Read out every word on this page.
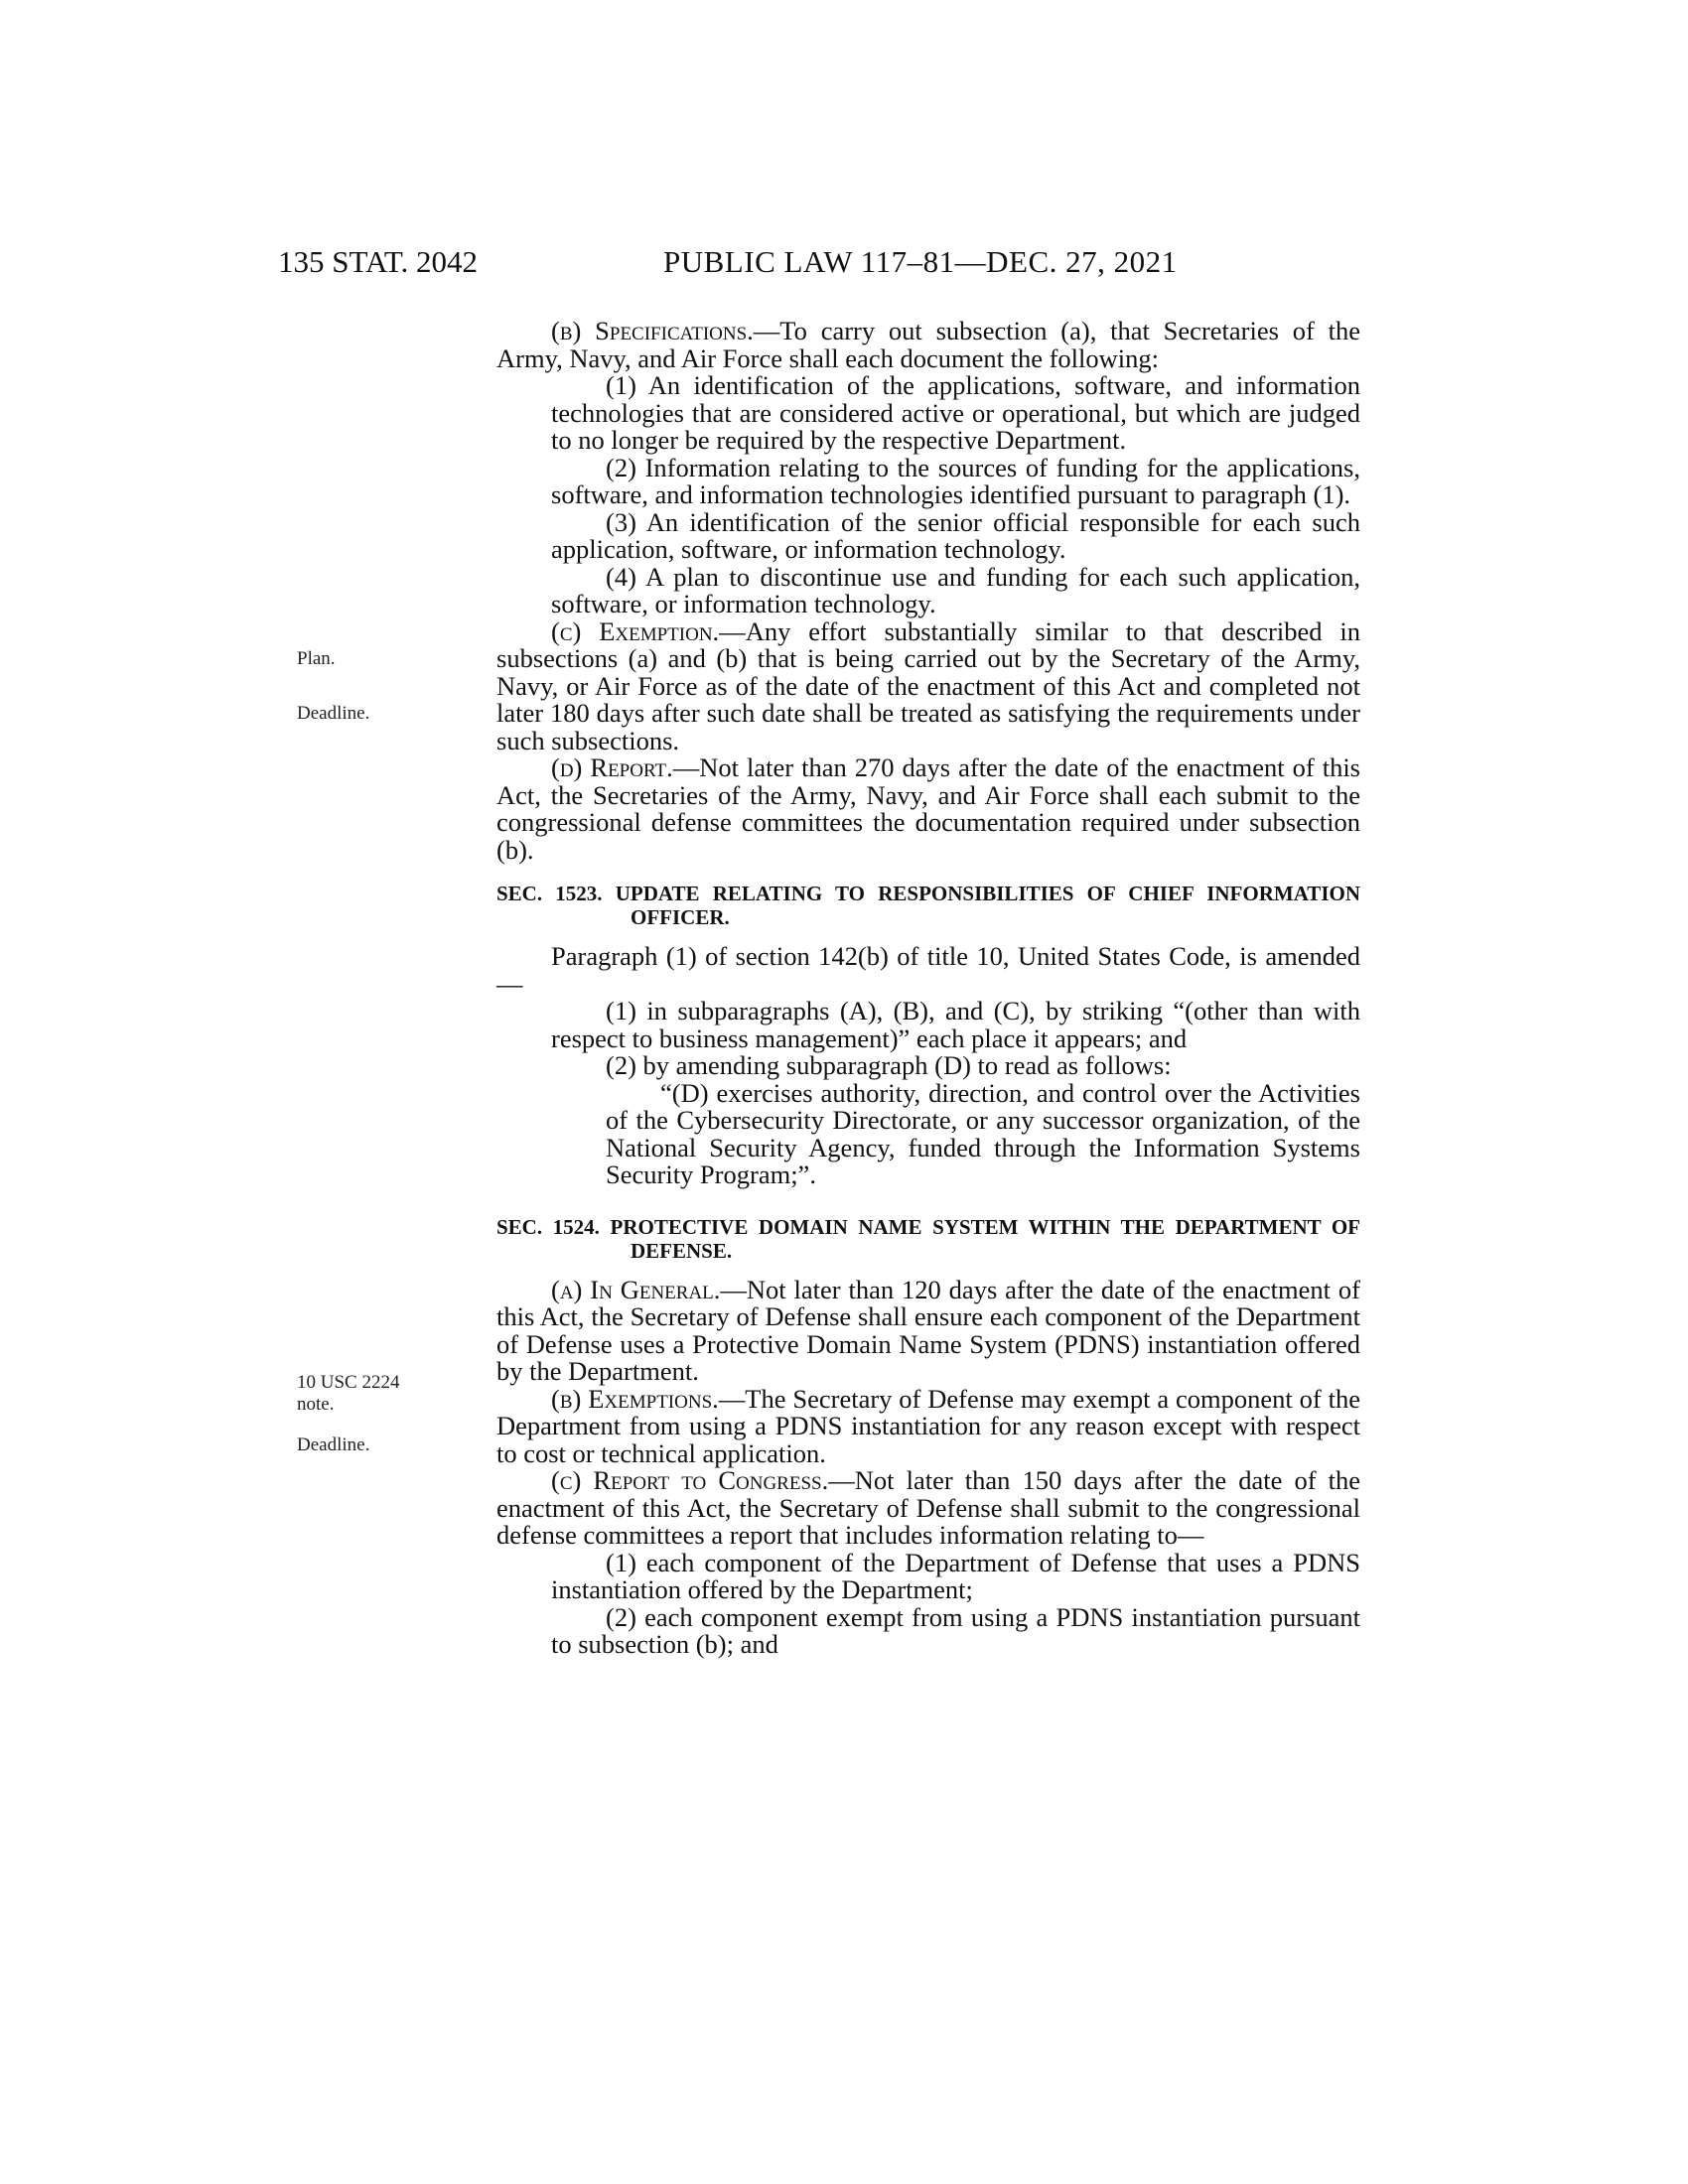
135 STAT. 2042	PUBLIC LAW 117–81—DEC. 27, 2021
Plan.
Deadline.
10 USC 2224
note.
Deadline.

(b) Specifications.—To carry out subsection (a), that Secretaries of the Army, Navy, and Air Force shall each document the following:

(1) An identification of the applications, software, and information technologies that are considered active or operational, but which are judged to no longer be required by the respective Department.

(2) Information relating to the sources of funding for the applications, software, and information technologies identified pursuant to paragraph (1).

(3) An identification of the senior official responsible for each such application, software, or information technology.

(4) A plan to discontinue use and funding for each such application, software, or information technology.

(c) Exemption.—Any effort substantially similar to that described in subsections (a) and (b) that is being carried out by the Secretary of the Army, Navy, or Air Force as of the date of the enactment of this Act and completed not later 180 days after such date shall be treated as satisfying the requirements under such subsections.

(d) Report.—Not later than 270 days after the date of the enactment of this Act, the Secretaries of the Army, Navy, and Air Force shall each submit to the congressional defense committees the documentation required under subsection (b).

SEC. 1523. UPDATE RELATING TO RESPONSIBILITIES OF CHIEF INFORMATION OFFICER.

Paragraph (1) of section 142(b) of title 10, United States Code, is amended—

(1) in subparagraphs (A), (B), and (C), by striking “(other than with respect to business management)” each place it appears; and

(2) by amending subparagraph (D) to read as follows:

“(D) exercises authority, direction, and control over the Activities of the Cybersecurity Directorate, or any successor organization, of the National Security Agency, funded through the Information Systems Security Program;”.

SEC. 1524. PROTECTIVE DOMAIN NAME SYSTEM WITHIN THE DEPARTMENT OF DEFENSE.

(a) In General.—Not later than 120 days after the date of the enactment of this Act, the Secretary of Defense shall ensure each component of the Department of Defense uses a Protective Domain Name System (PDNS) instantiation offered by the Department.

(b) Exemptions.—The Secretary of Defense may exempt a component of the Department from using a PDNS instantiation for any reason except with respect to cost or technical application.

(c) Report to Congress.—Not later than 150 days after the date of the enactment of this Act, the Secretary of Defense shall submit to the congressional defense committees a report that includes information relating to—

(1) each component of the Department of Defense that uses a PDNS instantiation offered by the Department;

(2) each component exempt from using a PDNS instantiation pursuant to subsection (b); and
